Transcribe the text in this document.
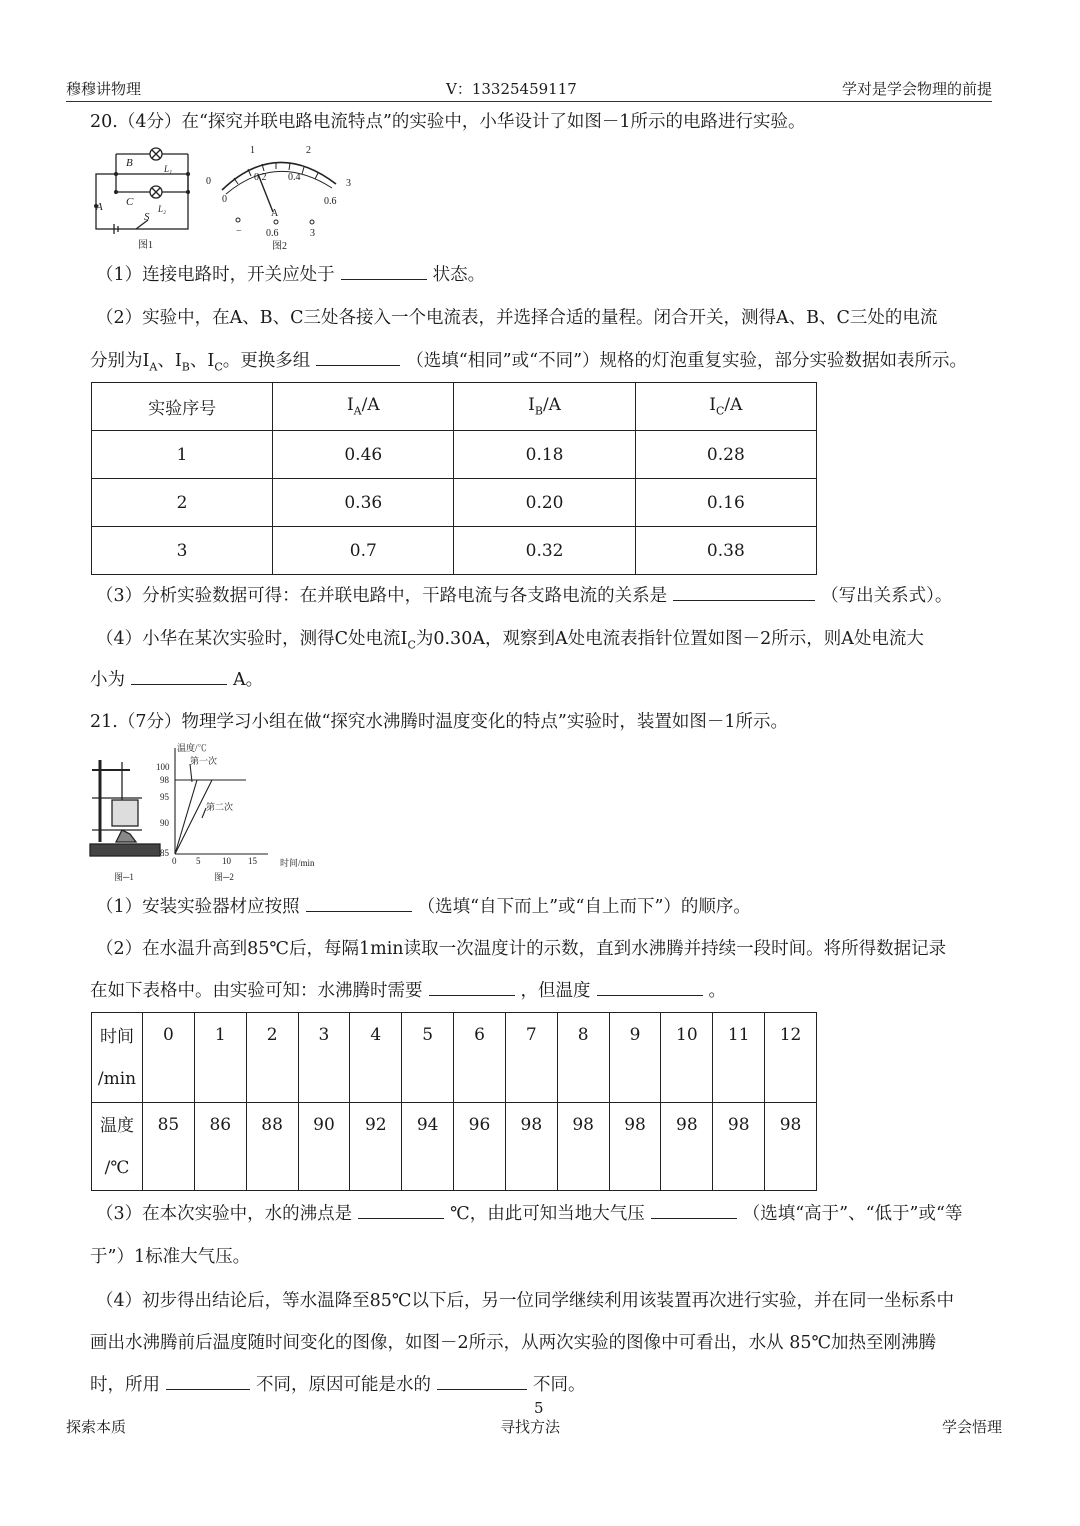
穆穆讲物理	V：13325459117	学对是学会物理的前提
20.（4分）在“探究并联电路电流特点”的实验中，小华设计了如图－1所示的电路进行实验。
B
C
A
S
L₁
L₂
图1
1	2
0	3
0
0.2 0.4
0.6
A
− 0.6	3
图2
（1）连接电路时，开关应处于	状态。
（2）实验中，在A、B、C三处各接入一个电流表，并选择合适的量程。闭合开关，测得A、B、C三处的电流
分别为$I_A$、$I_B$、$I_C$。更换多组	（选填“相同”或“不同”）规格的灯泡重复实验，部分实验数据如表所示。
实验序号	$I_A/A$	$I_B/A$	$I_C/A$
1	0.46	0.18	0.28
2	0.36	0.20	0.16
3	0.7	0.32	0.38
（3）分析实验数据可得：在并联电路中，干路电流与各支路电流的关系是	（写出关系式）。
（4）小华在某次实验时，测得C处电流$I_C$为0.30A，观察到A处电流表指针位置如图－2所示，则A处电流大
小为	A。
21.（7分）物理学习小组在做“探究水沸腾时温度变化的特点”实验时，装置如图－1所示。
温度/℃
100
98
95
90
85
0 5 10 15	时间/min
第一次
第二次
图─1	图─2
（1）安装实验器材应按照	（选填“自下而上”或“自上而下”）的顺序。
（2）在水温升高到85℃后，每隔1min读取一次温度计的示数，直到水沸腾并持续一段时间。将所得数据记录
在如下表格中。由实验可知：水沸腾时需要	，但温度	。
时间
/min	0	1	2	3	4	5	6	7	8	9	10	11	12
温度
/℃	85	86	88	90	92	94	96	98	98	98	98	98	98
（3）在本次实验中，水的沸点是	℃，由此可知当地大气压	（选填“高于”、“低于”或“等
于”）1标准大气压。
（4）初步得出结论后，等水温降至85℃以下后，另一位同学继续利用该装置再次进行实验，并在同一坐标系中
画出水沸腾前后温度随时间变化的图像，如图－2所示，从两次实验的图像中可看出，水从 85℃加热至刚沸腾
时，所用	不同，原因可能是水的	不同。
5
探索本质	寻找方法	学会悟理
